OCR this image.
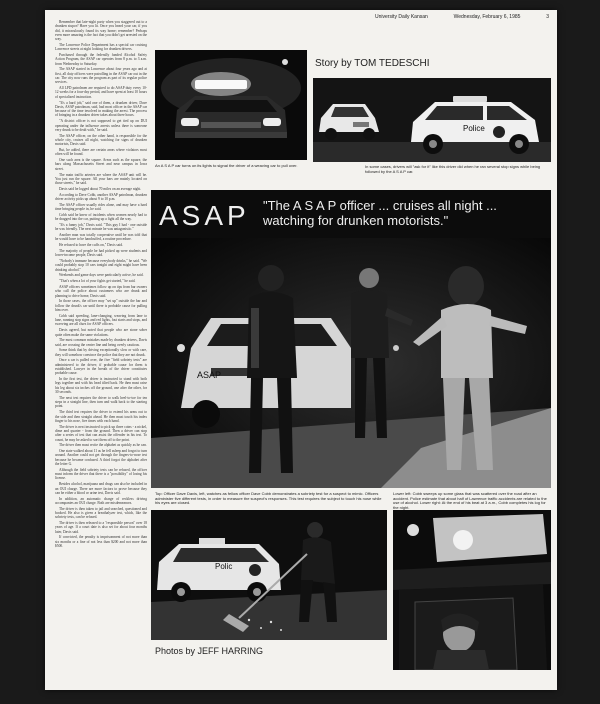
University Daily Kansan	Wednesday, February 6, 1985	3

Remember that late-night party when you staggered out to a drunken stupor? Have you lit. Once you heard your car, if you did, it miraculously found its way home; remember? Perhaps even more amazing is the fact that you didn't get arrested on the way.

The Lawrence Police Department has a special car cruising Lawrence streets at night looking for drunken drivers.

Purchased through the federally funded Alcohol Safety Action Program, the ASAP car operates from 8 p.m. to 3 a.m. from Wednesday to Saturday.

The ASAP started in Lawrence about four years ago and at first, all duty officers were patrolling in the ASAP car out in the car. The city now runs the program as part of its regular police services.

All LPD patrolmen are required to do ASAP duty every 10-12 weeks for a four-day period, and have spent at least 10 hours of specialized instruction.

"It's a hard job," said one of them, a drunken driver, Dave Davis, ASAP patrolman, said, had most officer in the ASAP car because of the time involved in making the arrest. The process of bringing in a drunken driver takes about three hours.

"A district officer is not supposed to get tied up on DUI operating under the influence arrests unless there is someone very drunk to be dealt with," he said.

The ASAP officer, on the other hand, is responsible for the whole city, cruises all night, watching for signs of drunken motorists, Davis said.

But, he added, there are certain areas where violators most often will be found.

One such area is the square. Areas such as the square, the bars along Massachusetts Street and near campus in Iowa street.

The main traffic arteries are where the ASAP unit will be. You just run the square. All your bars are mainly located on those streets," he said.

Davis said he logged about 70 miles on an average night.

According to Dave Cobb, another ASAP patrolman, drunken driver activity picks up about 9 to 10 p.m.

The ASAP officer usually rides alone, and may have a hard time bringing people in, he said.

Cobb said he knew of incidents when women nearly had to be dragged into the car, putting up a fight all the way.

"It's a funny job," Davis said. "This guy I had - one outside he was friendly. The next minute he was antagonistic."

Another man was totally cooperative until he was told that he would have to be handcuffed, a routine procedure.

He refused to have the cuffs on," Davis said.

The majority of people he had picked up were students and lower-income people, Davis said.

"Nobody's immune because everybody drinks," he said. "We could probably stop 10 cars tonight and eight might have been drinking alcohol."

Weekends and game days were particularly active, he said.

"That's when a lot of your fights get started," he said.

ASAP officers sometimes follow up on tips from bar owners who call the police about customers who are drunk and planning to drive home, Davis said.

In those cases, the officer may "set up" outside the bar and follow the drunk's car until there is probable cause for pulling him over.

Cobb said speeding, lane-changing, weaving from lane to lane, running stop signs and red lights, fast starts and stops, and swerving are all clues for ASAP officers.

Davis agreed, but noted that people who are stone sober quite often make the same violations.

The most common mistakes made by drunken drivers, Davis said, are crossing the center line and being overly cautious.

Some think that by driving exceptionally slow or with care, they will somehow convince the police that they are not drunk.

Once a car is pulled over, the five "field sobriety tests" are administered to the driver; if probable cause for them is established. Lawyer in the breath of the driver constitutes probable cause.

In the first test, the driver is instructed to stand with both legs together and with his head tilted back. He then must raise his leg about six inches off the ground, one after the other, for 30 seconds.

The next test requires the driver to walk heel-to-toe for ten steps in a straight line, then turn and walk back to the starting point.

The third test requires the driver to extend his arms out to the side and then straight ahead. He then must touch his index finger to his nose, five times with each hand.

The driver is next instructed to pick up three coins - a nickel, dime and quarter - from the ground. Then a driver can stop after a series of test that can assist the offender in his test. To count, he may be asked to sort them off to the point.

The driver then must recite the alphabet as quickly as he can.

One state walked about 11 as he fell asleep and forgot to turn around. Another could not get through the fingers-to-nose test because he became confused. A third forgot the alphabet after the letter G.

Although the field sobriety tests can be refused, the officer must inform the driver that there is a "possibility" of losing his license.

Besides alcohol, marijuana and drugs can also be included in an OUI charge. There are more factors to prove because they can be either a blood or urine test, Davis said.

In addition, an automatic charge of reckless driving accompanies an OUI charge. Both are misdemeanors.

The driver is then taken to jail and searched, questioned and booked. He also is given a breathalyzer test, which, like the sobriety tests, can be refused.

The driver is then released to a "responsible person" over 18 years of age. If a court date is also set for about four months later, Davis said.

If convicted, the penalty is imprisonment of not more than six months or a fine of not less than $200 and not more than $500.

An A S A P car turns on its lights to signal the driver of a weaving car to pull over.
Story by TOM TEDESCHI
Police
In some cases, drivers will "ask for it" like this driver did when he ran several stop signs while being followed by the A S A P car.
ASAP "The A S A P officer ... cruises all night ...
watching for drunken motorists."
ASAP
Top: Officer Dave Davis, left, watches as fellow officer Dave Cobb demonstrates a sobriety test for a suspect to mimic. Officers administer five different tests, in order to measure the suspect's responses. This test requires the subject to touch his nose while his eyes are closed.
Lower left: Cobb sweeps up some glass that was scattered over the road after an accident. Police estimate that about half of Lawrence traffic accidents are related to the use of alcohol. Lower right: At the end of his beat at 3 a.m., Cobb completes his log for the night.
Polic
Photos by JEFF HARRING
